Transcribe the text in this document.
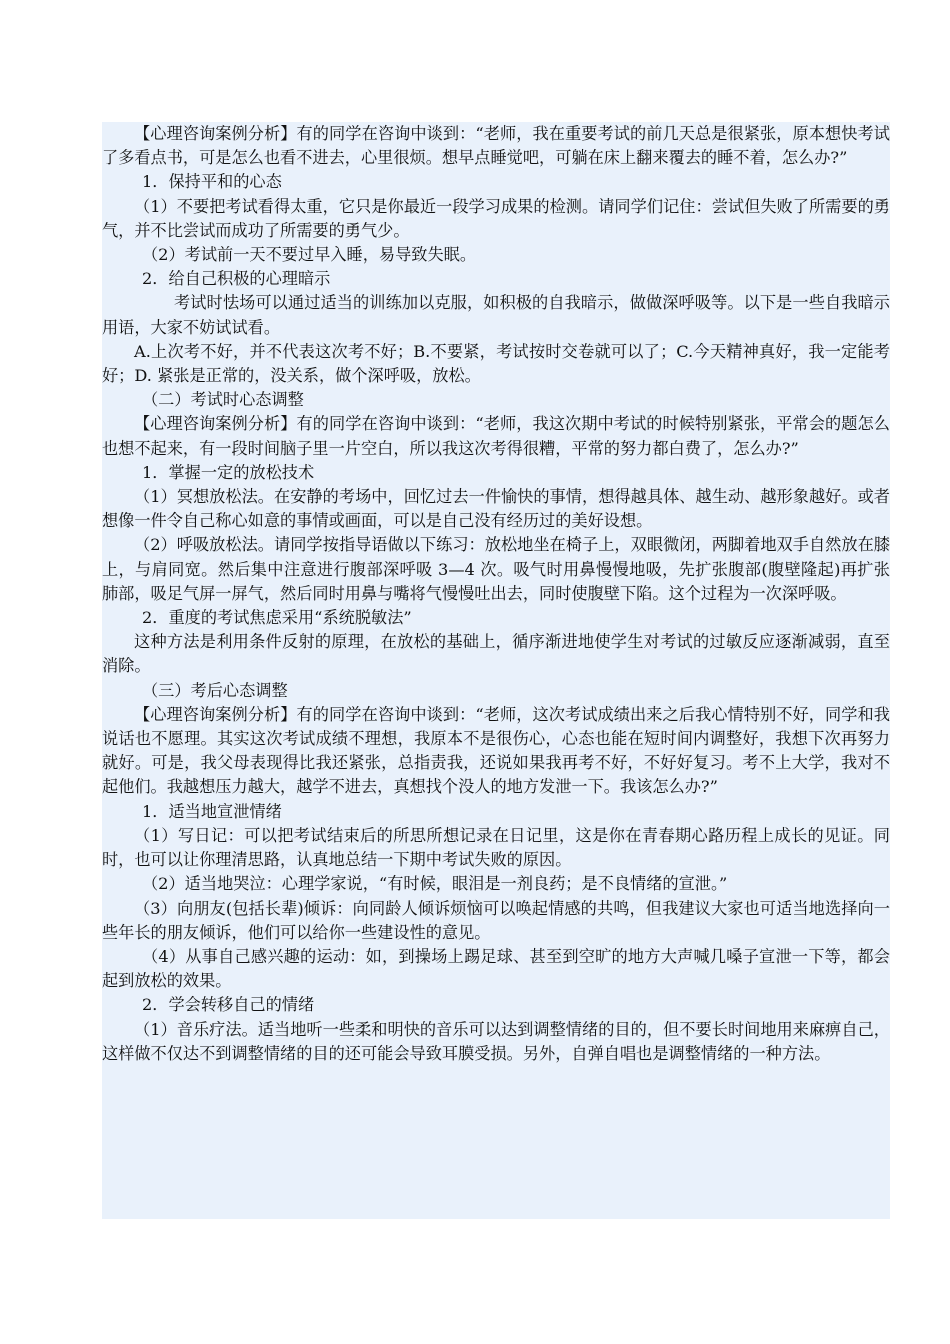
【心理咨询案例分析】有的同学在咨询中谈到：“老师，我在重要考试的前几天总是很紧张，原本想快考试了多看点书，可是怎么也看不进去，心里很烦。想早点睡觉吧，可躺在床上翻来覆去的睡不着，怎么办?”

1．保持平和的心态

（1）不要把考试看得太重，它只是你最近一段学习成果的检测。请同学们记住：尝试但失败了所需要的勇气，并不比尝试而成功了所需要的勇气少。

（2）考试前一天不要过早入睡，易导致失眠。

2．给自己积极的心理暗示

考试时怯场可以通过适当的训练加以克服，如积极的自我暗示，做做深呼吸等。以下是一些自我暗示用语，大家不妨试试看。

A.上次考不好，并不代表这次考不好；B.不要紧，考试按时交卷就可以了；C.今天精神真好，我一定能考好；D. 紧张是正常的，没关系，做个深呼吸，放松。

（二）考试时心态调整

【心理咨询案例分析】有的同学在咨询中谈到：“老师，我这次期中考试的时候特别紧张，平常会的题怎么也想不起来，有一段时间脑子里一片空白，所以我这次考得很糟，平常的努力都白费了，怎么办?”

1．掌握一定的放松技术

（1）冥想放松法。在安静的考场中，回忆过去一件愉快的事情，想得越具体、越生动、越形象越好。或者想像一件令自己称心如意的事情或画面，可以是自己没有经历过的美好设想。

（2）呼吸放松法。请同学按指导语做以下练习：放松地坐在椅子上，双眼微闭，两脚着地双手自然放在膝上，与肩同宽。然后集中注意进行腹部深呼吸 3—4 次。吸气时用鼻慢慢地吸，先扩张腹部(腹壁隆起)再扩张肺部，吸足气屏一屏气，然后同时用鼻与嘴将气慢慢吐出去，同时使腹壁下陷。这个过程为一次深呼吸。

2．重度的考试焦虑采用“系统脱敏法”

这种方法是利用条件反射的原理，在放松的基础上，循序渐进地使学生对考试的过敏反应逐渐减弱，直至消除。

（三）考后心态调整

【心理咨询案例分析】有的同学在咨询中谈到：“老师，这次考试成绩出来之后我心情特别不好，同学和我说话也不愿理。其实这次考试成绩不理想，我原本不是很伤心，心态也能在短时间内调整好，我想下次再努力就好。可是，我父母表现得比我还紧张，总指责我，还说如果我再考不好，不好好复习。考不上大学，我对不起他们。我越想压力越大，越学不进去，真想找个没人的地方发泄一下。我该怎么办?”

1．适当地宣泄情绪

（1）写日记：可以把考试结束后的所思所想记录在日记里，这是你在青春期心路历程上成长的见证。同时，也可以让你理清思路，认真地总结一下期中考试失败的原因。

（2）适当地哭泣：心理学家说，“有时候，眼泪是一剂良药；是不良情绪的宣泄。”

（3）向朋友(包括长辈)倾诉：向同龄人倾诉烦恼可以唤起情感的共鸣，但我建议大家也可适当地选择向一些年长的朋友倾诉，他们可以给你一些建设性的意见。

（4）从事自己感兴趣的运动：如，到操场上踢足球、甚至到空旷的地方大声喊几嗓子宣泄一下等，都会起到放松的效果。

2．学会转移自己的情绪

（1）音乐疗法。适当地听一些柔和明快的音乐可以达到调整情绪的目的，但不要长时间地用来麻痹自己，这样做不仅达不到调整情绪的目的还可能会导致耳膜受损。另外，自弹自唱也是调整情绪的一种方法。
